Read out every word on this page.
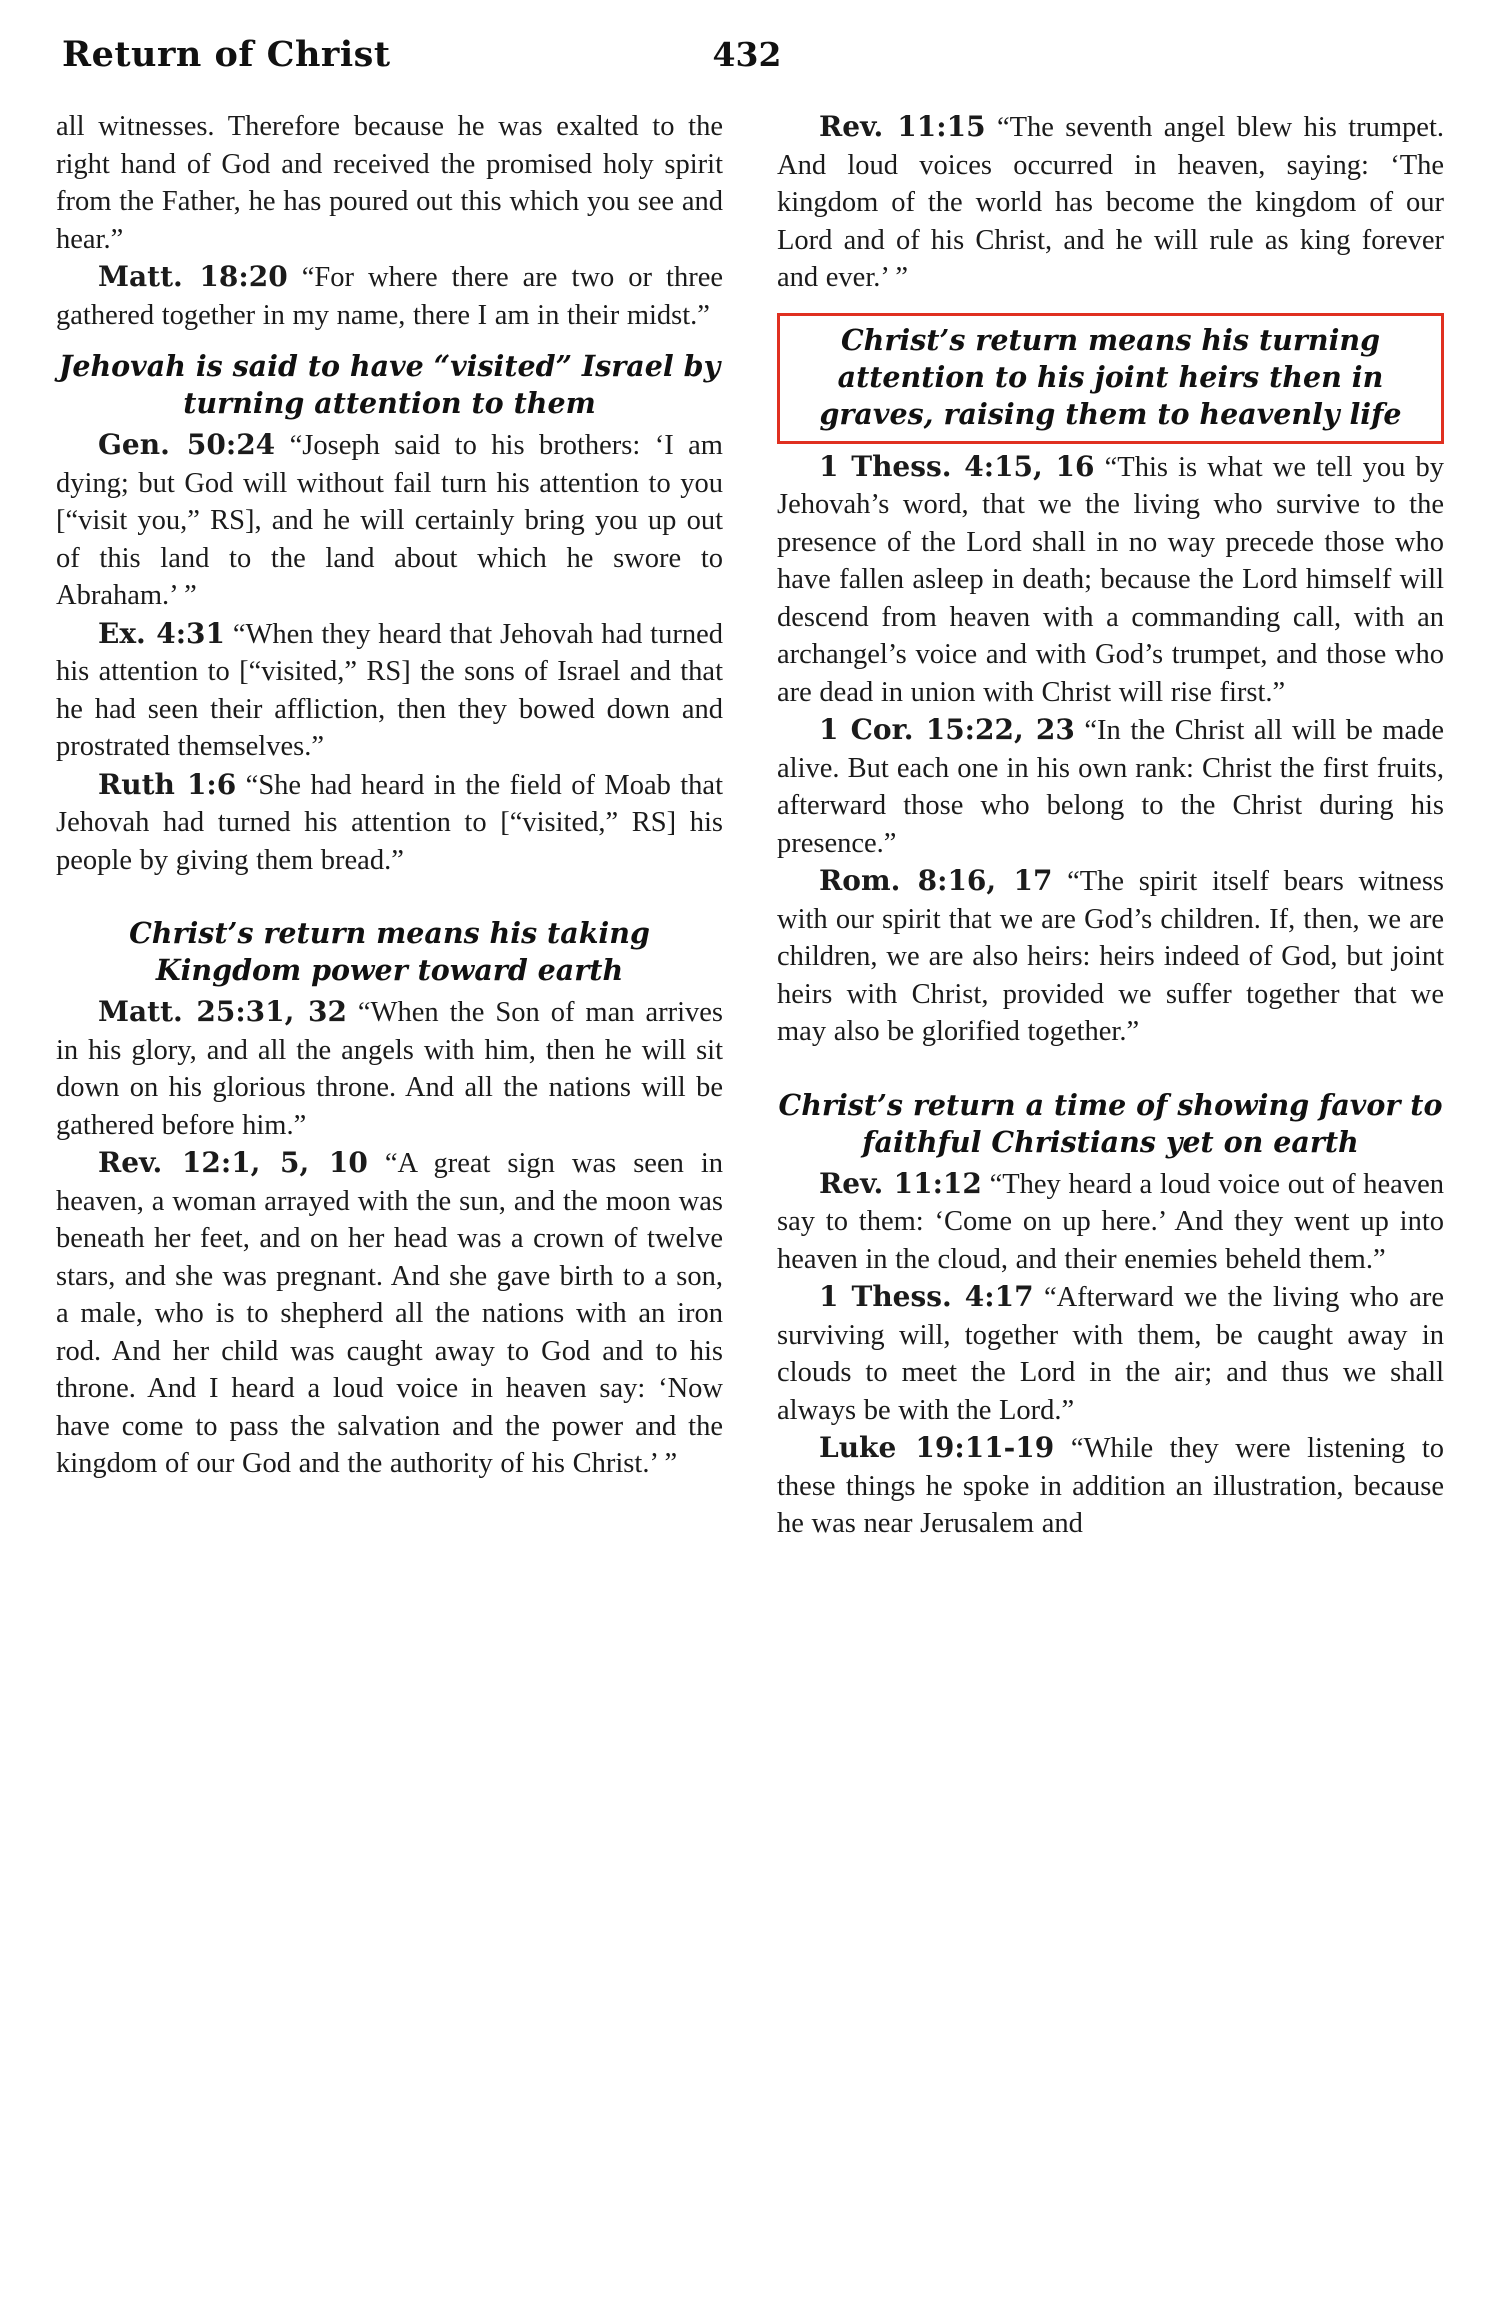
Return of Christ	432

all witnesses. Therefore because he was exalted to the right hand of God and received the promised holy spirit from the Father, he has poured out this which you see and hear.”

Matt. 18:20 “For where there are two or three gathered together in my name, there I am in their midst.”

Jehovah is said to have “visited” Israel by turning attention to them

Gen. 50:24 “Joseph said to his brothers: ‘I am dying; but God will without fail turn his attention to you [“visit you,” RS], and he will certainly bring you up out of this land to the land about which he swore to Abraham.’ ”

Ex. 4:31 “When they heard that Jehovah had turned his attention to [“visited,” RS] the sons of Israel and that he had seen their affliction, then they bowed down and prostrated themselves.”

Ruth 1:6 “She had heard in the field of Moab that Jehovah had turned his attention to [“visited,” RS] his people by giving them bread.”

Christ’s return means his taking Kingdom power toward earth

Matt. 25:31, 32 “When the Son of man arrives in his glory, and all the angels with him, then he will sit down on his glorious throne. And all the nations will be gathered before him.”

Rev. 12:1, 5, 10 “A great sign was seen in heaven, a woman arrayed with the sun, and the moon was beneath her feet, and on her head was a crown of twelve stars, and she was pregnant. And she gave birth to a son, a male, who is to shepherd all the nations with an iron rod. And her child was caught away to God and to his throne. And I heard a loud voice in heaven say: ‘Now have come to pass the salvation and the power and the kingdom of our God and the authority of his Christ.’ ”

Rev. 11:15 “The seventh angel blew his trumpet. And loud voices occurred in heaven, saying: ‘The kingdom of the world has become the kingdom of our Lord and of his Christ, and he will rule as king forever and ever.’ ”

Christ’s return means his turning attention to his joint heirs then in graves, raising them to heavenly life

1 Thess. 4:15, 16 “This is what we tell you by Jehovah’s word, that we the living who survive to the presence of the Lord shall in no way precede those who have fallen asleep in death; because the Lord himself will descend from heaven with a commanding call, with an archangel’s voice and with God’s trumpet, and those who are dead in union with Christ will rise first.”

1 Cor. 15:22, 23 “In the Christ all will be made alive. But each one in his own rank: Christ the first fruits, afterward those who belong to the Christ during his presence.”

Rom. 8:16, 17 “The spirit itself bears witness with our spirit that we are God’s children. If, then, we are children, we are also heirs: heirs indeed of God, but joint heirs with Christ, provided we suffer together that we may also be glorified together.”

Christ’s return a time of showing favor to faithful Christians yet on earth

Rev. 11:12 “They heard a loud voice out of heaven say to them: ‘Come on up here.’ And they went up into heaven in the cloud, and their enemies beheld them.”

1 Thess. 4:17 “Afterward we the living who are surviving will, together with them, be caught away in clouds to meet the Lord in the air; and thus we shall always be with the Lord.”

Luke 19:11-19 “While they were listening to these things he spoke in addition an illustration, because he was near Jerusalem and
